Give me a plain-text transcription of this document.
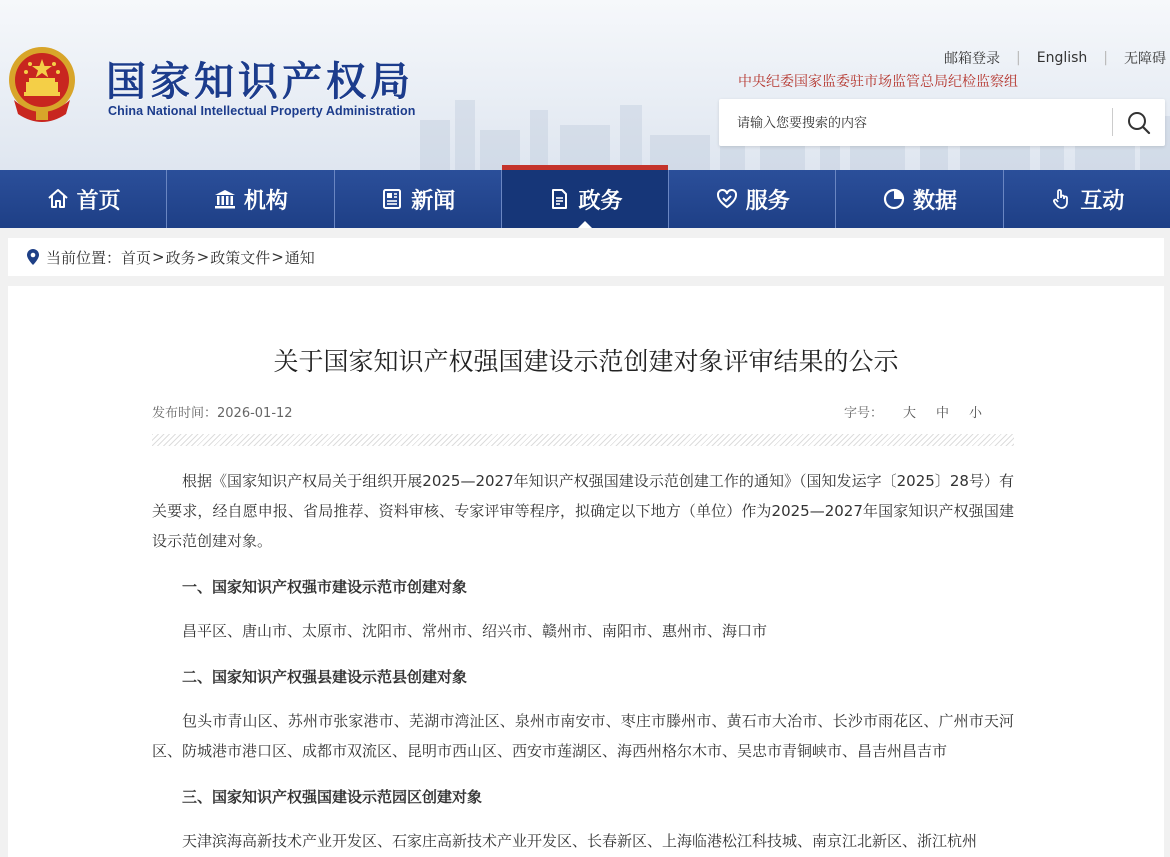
国家知识产权局
China National Intellectual Property Administration
邮箱登录 | English | 无障碍
中央纪委国家监委驻市场监管总局纪检监察组
请输入您要搜索的内容
首页	机构	新闻	政务	服务	数据	互动
当前位置： 首页 > 政务 > 政策文件 > 通知
关于国家知识产权强国建设示范创建对象评审结果的公示
发布时间：2026-01-12	字号： 大 中 小

根据《国家知识产权局关于组织开展2025—2027年知识产权强国建设示范创建工作的通知》（国知发运字〔2025〕28号）有关要求，经自愿申报、省局推荐、资料审核、专家评审等程序，拟确定以下地方（单位）作为2025—2027年国家知识产权强国建设示范创建对象。

一、国家知识产权强市建设示范市创建对象

昌平区、唐山市、太原市、沈阳市、常州市、绍兴市、赣州市、南阳市、惠州市、海口市

二、国家知识产权强县建设示范县创建对象

包头市青山区、苏州市张家港市、芜湖市湾沚区、泉州市南安市、枣庄市滕州市、黄石市大冶市、长沙市雨花区、广州市天河区、防城港市港口区、成都市双流区、昆明市西山区、西安市莲湖区、海西州格尔木市、吴忠市青铜峡市、昌吉州昌吉市

三、国家知识产权强国建设示范园区创建对象

天津滨海高新技术产业开发区、石家庄高新技术产业开发区、长春新区、上海临港松江科技城、南京江北新区、浙江杭州
